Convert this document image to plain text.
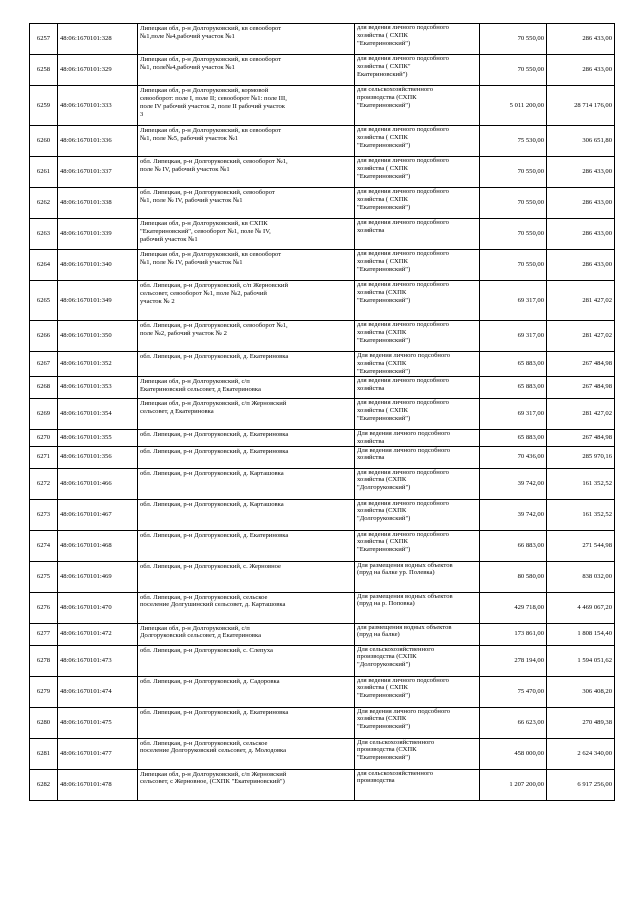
6257	48:06:1670101:328	Липецкая обл, р-н Долгоруковский, кв севооборот
№1,поле №4,рабочий участок №1	для ведения личного подсобного
хозяйства ( СХПК
"Екатериновский")	70 550,00	286 433,00
6258	48:06:1670101:329	Липецкая обл, р-н Долгоруковский, кв севооборот
№1, поле№4,рабочий участок №1	для ведения личного подсобного
хозяйства ( СХПК"
Екатериновский")	70 550,00	286 433,00
6259	48:06:1670101:333	Липецкая обл, р-н Долгоруковский, кормовой
севооборот: поле I, поле II; севооборот №1: поле III,
поле IV рабочий участок 2, поле II рабочий участок
3	для сельскохозяйственного
производства (СХПК
"Екатериновский")	5 011 200,00	28 714 176,00
6260	48:06:1670101:336	Липецкая обл, р-н Долгоруковский, кв севооборот
№1, поле №5, рабочий участок №1	для ведения личного подсобного
хозяйства ( СХПК
"Екатериновский")	75 530,00	306 651,80
6261	48:06:1670101:337	обл. Липецкая, р-н Долгоруковский, севооборот №1,
поле № IV, рабочий участок №1	для ведения личного подсобного
хозяйства ( СХПК
"Екатериновский")	70 550,00	286 433,00
6262	48:06:1670101:338	обл. Липецкая, р-н Долгоруковский, севооборот
№1, поле № IV, рабочий участок №1	для ведения личного подсобного
хозяйства ( СХПК
"Екатериновский")	70 550,00	286 433,00
6263	48:06:1670101:339	Липецкая обл, р-н Долгоруковский, кв СХПК
"Екатериновский", севооборот №1, поле № IV,
рабочий участок №1	для ведения личного подсобного
хозяйства	70 550,00	286 433,00
6264	48:06:1670101:340	Липецкая обл, р-н Долгоруковский, кв севооборот
№1, поле № IV, рабочий участок №1	для ведения личного подсобного
хозяйства ( СХПК
"Екатериновский")	70 550,00	286 433,00
6265	48:06:1670101:349	обл. Липецкая, р-н Долгоруковский, с/п Жерновский
сельсовет, севооборот №1, поле №2, рабочий
участок № 2	для ведения личного подсобного
хозяйства (СХПК
"Екатериновский")	69 317,00	281 427,02
6266	48:06:1670101:350	обл. Липецкая, р-н Долгоруковский, севооборот №1,
поле №2, рабочий участок № 2	для ведения личного подсобного
хозяйства (СХПК
"Екатериновский")	69 317,00	281 427,02
6267	48:06:1670101:352	обл. Липецкая, р-н Долгоруковский, д. Екатериновка	Для ведения личного подсобного
хозяйства (СХПК
"Екатериновский")	65 883,00	267 484,98
6268	48:06:1670101:353	Липецкая обл, р-н Долгоруковский, с/п
Екатериновский сельсовет, д Екатериновка	для ведения личного подсобного
хозяйства	65 883,00	267 484,98
6269	48:06:1670101:354	Липецкая обл, р-н Долгоруковский, с/п Жерновский
сельсовет, д Екатериновка	для ведения личного подсобного
хозяйства ( СХПК
"Екатериновский")	69 317,00	281 427,02
6270	48:06:1670101:355	обл. Липецкая, р-н Долгоруковский, д. Екатериновка	Для ведения личного подсобного
хозяйства	65 883,00	267 484,98
6271	48:06:1670101:356	обл. Липецкая, р-н Долгоруковский, д. Екатериновка	Для ведения личного подсобного
хозяйства	70 436,00	285 970,16
6272	48:06:1670101:466	обл. Липецкая, р-н Долгоруковский, д. Карташовка	для ведения личного подсобного
хозяйства (СХПК
"Долгоруковский")	39 742,00	161 352,52
6273	48:06:1670101:467	обл. Липецкая, р-н Долгоруковский, д. Карташовка	для ведения личного подсобного
хозяйства (СХПК
"Долгоруковский")	39 742,00	161 352,52
6274	48:06:1670101:468	обл. Липецкая, р-н Долгоруковский, д. Екатериновка	для ведения личного подсобного
хозяйства ( СХПК
"Екатериновский")	66 883,00	271 544,98
6275	48:06:1670101:469	обл. Липецкая, р-н Долгоруковский, с. Жерновное	Для размещения водных объектов
(пруд на балке ур. Полевка)	80 580,00	838 032,00
6276	48:06:1670101:470	обл. Липецкая, р-н Долгоруковский, сельское
поселение Долгушинский сельсовет, д. Карташовка	Для размещения водных объектов
(пруд на р. Поповка)	429 718,00	4 469 067,20
6277	48:06:1670101:472	Липецкая обл, р-н Долгоруковский, с/п
Долгоруковский сельсовет, д Екатериновка	для размещения водных объектов
(пруд на балке)	173 861,00	1 808 154,40
6278	48:06:1670101:473	обл. Липецкая, р-н Долгоруковский, с. Слепуха	Для сельскохозяйственного
производства (СХПК
"Долгоруковский")	278 194,00	1 594 051,62
6279	48:06:1670101:474	обл. Липецкая, р-н Долгоруковский, д. Садоровка	для ведения личного подсобного
хозяйства ( СХПК
"Екатериновский")	75 470,00	306 408,20
6280	48:06:1670101:475	обл. Липецкая, р-н Долгоруковский, д. Екатериновка	Для ведения личного подсобного
хозяйства (СХПК
"Екатериновский")	66 623,00	270 489,38
6281	48:06:1670101:477	обл. Липецкая, р-н Долгоруковский, сельское
поселение Долгоруковский сельсовет, д. Молодовка	Для сельскохозяйственного
производства (СХПК
"Екатериновский")	458 000,00	2 624 340,00
6282	48:06:1670101:478	Липецкая обл, р-н Долгоруковский, с/п Жерновский
сельсовет, с Жерновное, (СХПК "Екатериновский")	для сельскохозяйственного
производства	1 207 200,00	6 917 256,00
